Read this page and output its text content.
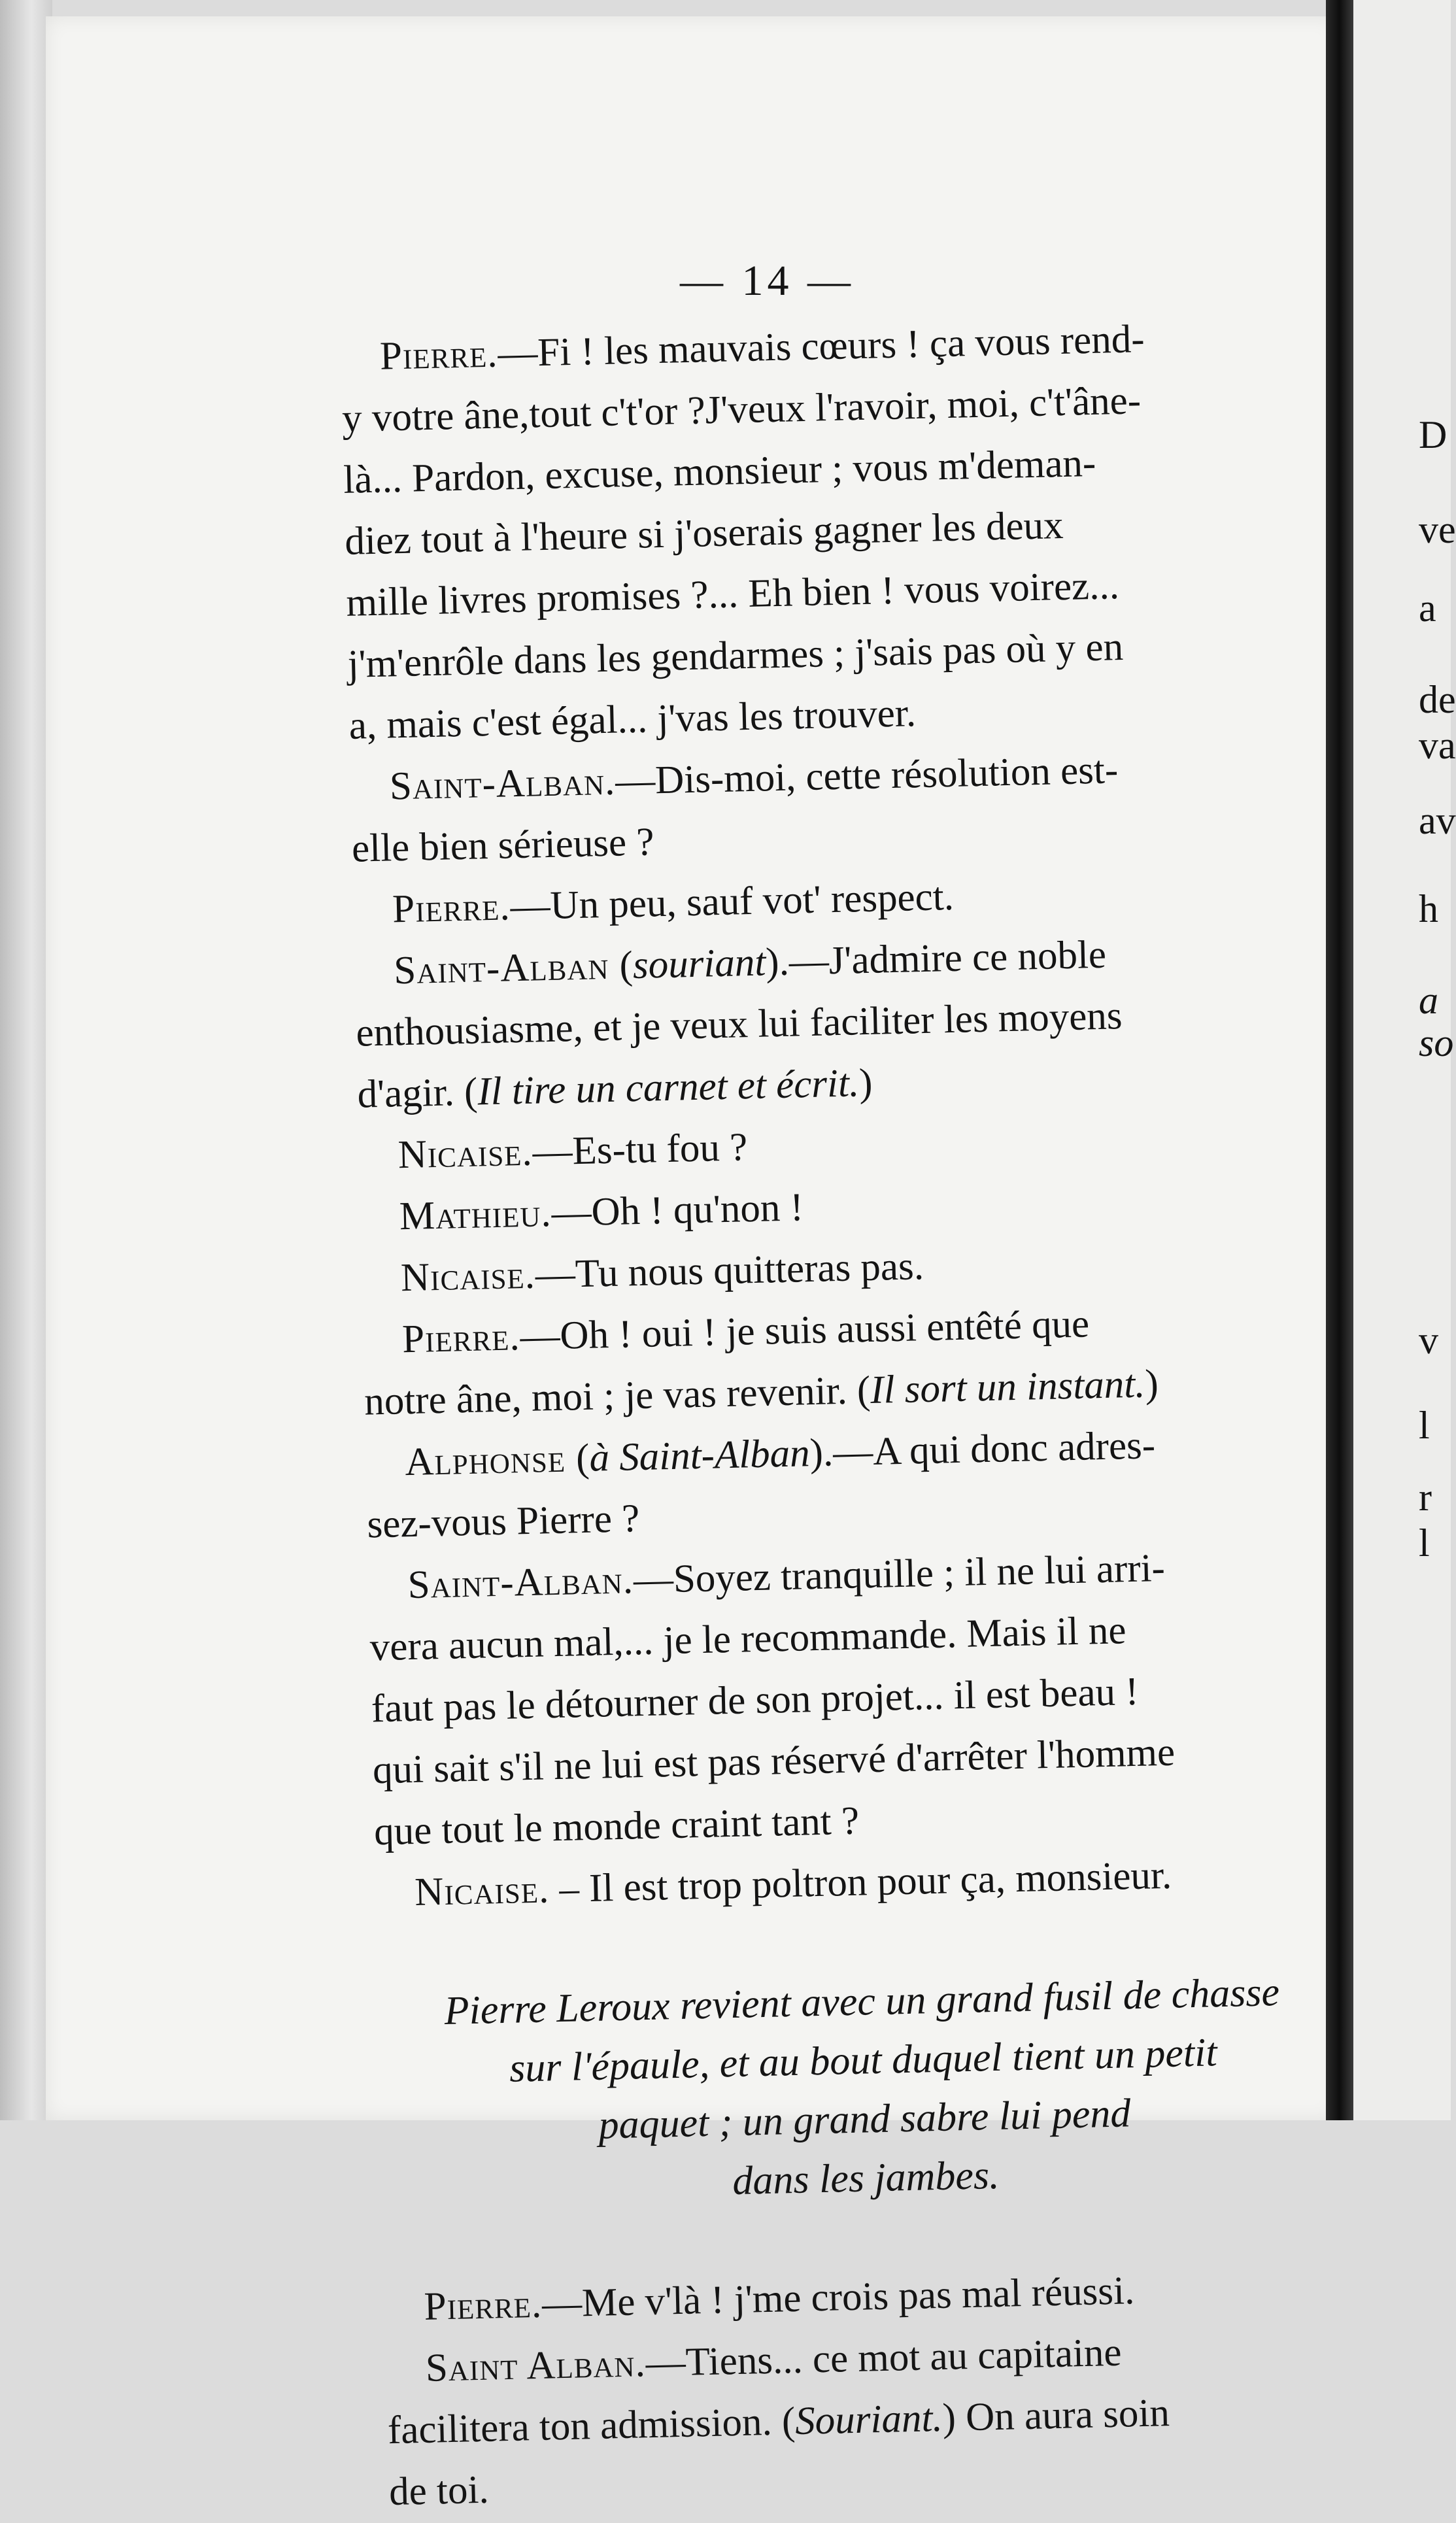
— 14 —
Pierre.—Fi ! les mauvais cœurs ! ça vous rend-
y votre âne,tout c't'or ?J'veux l'ravoir, moi, c't'âne-
là... Pardon, excuse, monsieur ; vous m'deman-
diez tout à l'heure si j'oserais gagner les deux
mille livres promises ?... Eh bien ! vous voirez...
j'm'enrôle dans les gendarmes ; j'sais pas où y en
a, mais c'est égal... j'vas les trouver.
Saint-Alban.—Dis-moi, cette résolution est-
elle bien sérieuse ?
Pierre.—Un peu, sauf vot' respect.
Saint-Alban (souriant).—J'admire ce noble
enthousiasme, et je veux lui faciliter les moyens
d'agir. (Il tire un carnet et écrit.)
Nicaise.—Es-tu fou ?
Mathieu.—Oh ! qu'non !
Nicaise.—Tu nous quitteras pas.
Pierre.—Oh ! oui ! je suis aussi entêté que
notre âne, moi ; je vas revenir. (Il sort un instant.)
Alphonse (à Saint-Alban).—A qui donc adres-
sez-vous Pierre ?
Saint-Alban.—Soyez tranquille ; il ne lui arri-
vera aucun mal,... je le recommande. Mais il ne
faut pas le détourner de son projet... il est beau !
qui sait s'il ne lui est pas réservé d'arrêter l'homme
que tout le monde craint tant ?
Nicaise. – Il est trop poltron pour ça, monsieur.
Pierre Leroux revient avec un grand fusil de chasse
sur l'épaule, et au bout duquel tient un petit
paquet ; un grand sabre lui pend
dans les jambes.
Pierre.—Me v'là ! j'me crois pas mal réussi.
Saint Alban.—Tiens... ce mot au capitaine
facilitera ton admission. (Souriant.) On aura soin
de toi.
D
ve
a
de
va
av
h
a
so
v
l
r
l
